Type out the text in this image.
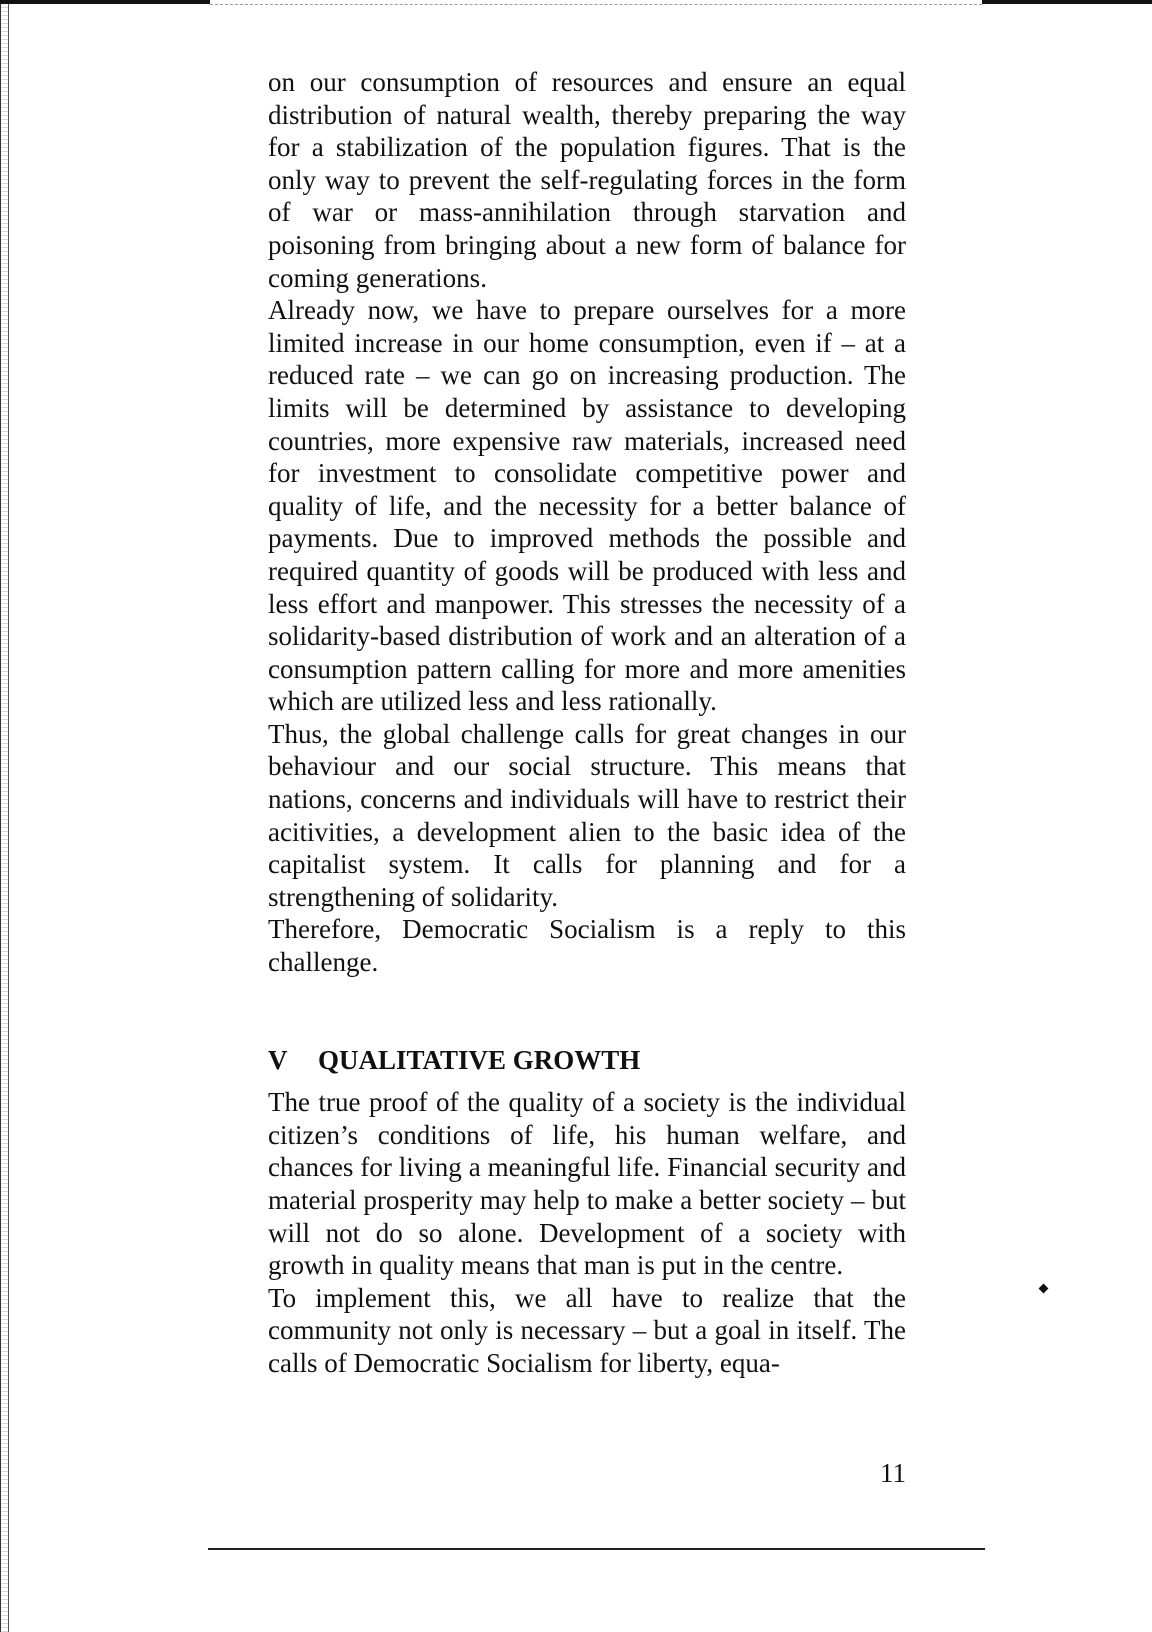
on our consumption of resources and ensure an equal distribution of natural wealth, thereby preparing the way for a stabilization of the population figures. That is the only way to prevent the self-regulating forces in the form of war or mass-annihilation through starvation and poisoning from bringing about a new form of balance for coming generations.

Already now, we have to prepare ourselves for a more limited increase in our home consumption, even if – at a reduced rate – we can go on increasing production. The limits will be determined by assistance to developing countries, more expensive raw materials, increased need for investment to consolidate competitive power and quality of life, and the necessity for a better balance of payments. Due to improved methods the possible and required quantity of goods will be produced with less and less effort and manpower. This stresses the necessity of a solidarity-based distribution of work and an alteration of a consumption pattern calling for more and more amenities which are utilized less and less rationally.

Thus, the global challenge calls for great changes in our behaviour and our social structure. This means that nations, concerns and individuals will have to restrict their acitivities, a development alien to the basic idea of the capitalist system. It calls for planning and for a strengthening of solidarity.

Therefore, Democratic Socialism is a reply to this challenge.

V QUALITATIVE GROWTH

The true proof of the quality of a society is the individual citizen’s conditions of life, his human welfare, and chances for living a meaningful life. Financial security and material prosperity may help to make a better society – but will not do so alone. Development of a society with growth in quality means that man is put in the centre.

To implement this, we all have to realize that the community not only is necessary – but a goal in itself. The calls of Democratic Socialism for liberty, equa-

11
